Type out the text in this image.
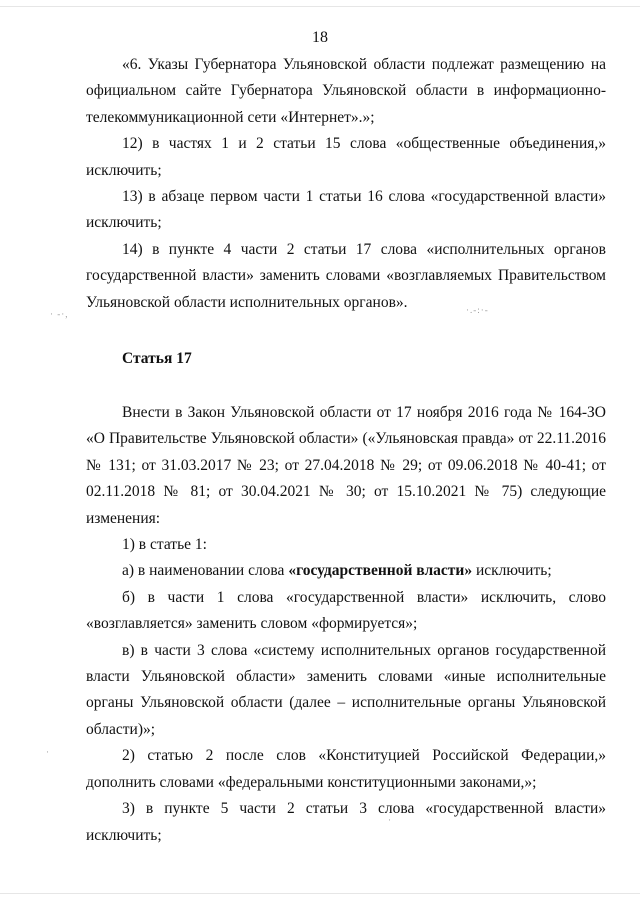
18

«6. Указы Губернатора Ульяновской области подлежат размещению на официальном сайте Губернатора Ульяновской области в информационно-телекоммуникационной сети «Интернет».»;

12) в частях 1 и 2 статьи 15 слова «общественные объединения,» исключить;

13) в абзаце первом части 1 статьи 16 слова «государственной власти» исключить;

14) в пункте 4 части 2 статьи 17 слова «исполнительных органов государственной власти» заменить словами «возглавляемых Правительством Ульяновской области исполнительных органов».

· -·,	·.-:·-
Статья 17

Внести в Закон Ульяновской области от 17 ноября 2016 года № 164-ЗО «О Правительстве Ульяновской области» («Ульяновская правда» от 22.11.2016 № 131; от 31.03.2017 № 23; от 27.04.2018 № 29; от 09.06.2018 № 40-41; от 02.11.2018 № 81; от 30.04.2021 № 30; от 15.10.2021 № 75) следующие изменения:

1) в статье 1:

а) в наименовании слова «государственной власти» исключить;

б) в части 1 слова «государственной власти» исключить, слово «возглавляется» заменить словом «формируется»;

в) в части 3 слова «систему исполнительных органов государственной власти Ульяновской области» заменить словами «иные исполнительные органы Ульяновской области (далее – исполнительные органы Ульяновской области)»;

2) статью 2 после слов «Конституцией Российской Федерации,» дополнить словами «федеральными конституционными законами,»;

3) в пункте 5 части 2 статьи 3 слова «государственной власти» исключить;

·
·
